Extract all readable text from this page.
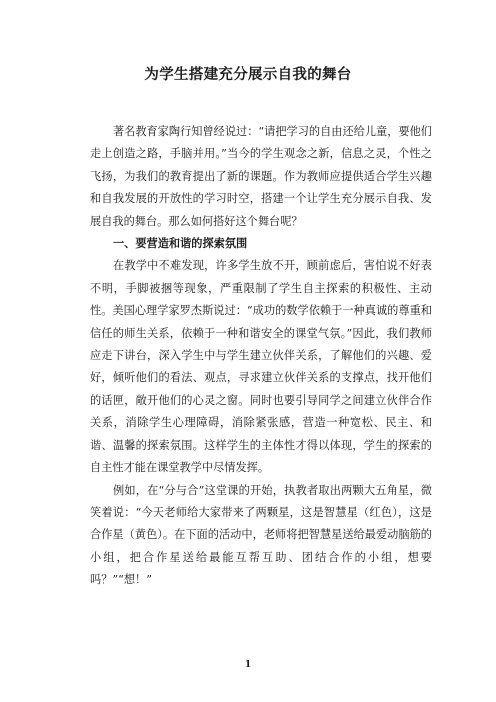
为学生搭建充分展示自我的舞台

著名教育家陶行知曾经说过：“请把学习的自由还给儿童，要他们走上创造之路，手脑并用。”当今的学生观念之新，信息之灵，个性之飞扬，为我们的教育提出了新的课题。作为教师应提供适合学生兴趣和自我发展的开放性的学习时空，搭建一个让学生充分展示自我、发展自我的舞台。那么如何搭好这个舞台呢？

一、要营造和谐的探索氛围

在教学中不难发现，许多学生放不开，顾前虑后，害怕说不好表不明，手脚被捆等现象，严重限制了学生自主探索的积极性、主动性。美国心理学家罗杰斯说过：“成功的数学依赖于一种真诚的尊重和信任的师生关系，依赖于一种和谐安全的课堂气氛。”因此，我们教师应走下讲台，深入学生中与学生建立伙伴关系，了解他们的兴趣、爱好，倾听他们的看法、观点，寻求建立伙伴关系的支撑点，找开他们的话匣，敞开他们的心灵之窗。同时也要引导同学之间建立伙伴合作关系，消除学生心理障碍，消除紧张感，营造一种宽松、民主、和谐、温馨的探索氛围。这样学生的主体性才得以体现，学生的探索的自主性才能在课堂教学中尽情发挥。

例如，在“分与合”这堂课的开始，执教者取出两颗大五角星，微笑着说：“今天老师给大家带来了两颗星，这是智慧星（红色），这是合作星（黄色）。在下面的活动中，老师将把智慧星送给最爱动脑筋的小组，把合作星送给最能互帮互助、团结合作的小组，想要吗？”“想！”

1
